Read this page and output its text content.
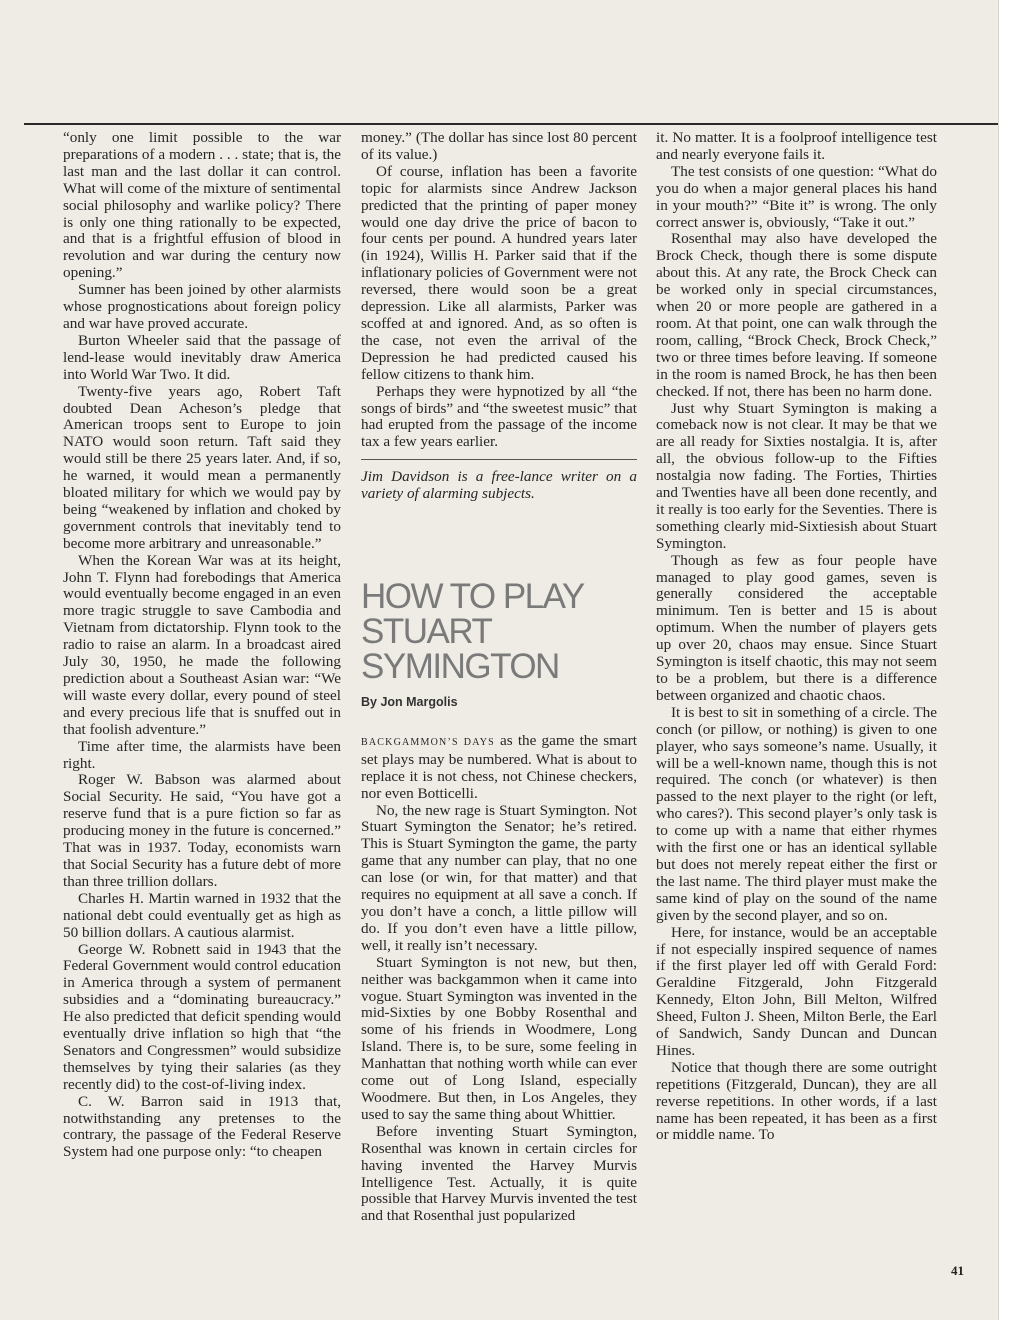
“only one limit possible to the war preparations of a modern . . . state; that is, the last man and the last dollar it can control. What will come of the mixture of sentimental social philosophy and warlike policy? There is only one thing rationally to be expected, and that is a frightful effusion of blood in revolution and war during the century now opening.”

Sumner has been joined by other alarmists whose prognostications about foreign policy and war have proved accurate.

Burton Wheeler said that the passage of lend-lease would inevitably draw America into World War Two. It did.

Twenty-five years ago, Robert Taft doubted Dean Acheson’s pledge that American troops sent to Europe to join NATO would soon return. Taft said they would still be there 25 years later. And, if so, he warned, it would mean a permanently bloated military for which we would pay by being “weakened by inflation and choked by government controls that inevitably tend to become more arbitrary and unreasonable.”

When the Korean War was at its height, John T. Flynn had forebodings that America would eventually become engaged in an even more tragic struggle to save Cambodia and Vietnam from dictatorship. Flynn took to the radio to raise an alarm. In a broadcast aired July 30, 1950, he made the following prediction about a Southeast Asian war: “We will waste every dollar, every pound of steel and every precious life that is snuffed out in that foolish adventure.”

Time after time, the alarmists have been right.

Roger W. Babson was alarmed about Social Security. He said, “You have got a reserve fund that is a pure fiction so far as producing money in the future is concerned.” That was in 1937. Today, economists warn that Social Security has a future debt of more than three trillion dollars.

Charles H. Martin warned in 1932 that the national debt could eventually get as high as 50 billion dollars. A cautious alarmist.

George W. Robnett said in 1943 that the Federal Government would control education in America through a system of permanent subsidies and a “dominating bureaucracy.” He also predicted that deficit spending would eventually drive inflation so high that “the Senators and Congressmen” would subsidize themselves by tying their salaries (as they recently did) to the cost-of-living index.

C. W. Barron said in 1913 that, notwithstanding any pretenses to the contrary, the passage of the Federal Reserve System had one purpose only: “to cheapen

money.” (The dollar has since lost 80 percent of its value.)

Of course, inflation has been a favorite topic for alarmists since Andrew Jackson predicted that the printing of paper money would one day drive the price of bacon to four cents per pound. A hundred years later (in 1924), Willis H. Parker said that if the inflationary policies of Government were not reversed, there would soon be a great depression. Like all alarmists, Parker was scoffed at and ignored. And, as so often is the case, not even the arrival of the Depression he had predicted caused his fellow citizens to thank him.

Perhaps they were hypnotized by all “the songs of birds” and “the sweetest music” that had erupted from the passage of the income tax a few years earlier.

Jim Davidson is a free-lance writer on a variety of alarming subjects.

HOW TO PLAY
STUART
SYMINGTON
By Jon Margolis

BACKGAMMON’S DAYS as the game the smart set plays may be numbered. What is about to replace it is not chess, not Chinese checkers, nor even Botticelli.

No, the new rage is Stuart Symington. Not Stuart Symington the Senator; he’s retired. This is Stuart Symington the game, the party game that any number can play, that no one can lose (or win, for that matter) and that requires no equipment at all save a conch. If you don’t have a conch, a little pillow will do. If you don’t even have a little pillow, well, it really isn’t necessary.

Stuart Symington is not new, but then, neither was backgammon when it came into vogue. Stuart Symington was invented in the mid-Sixties by one Bobby Rosenthal and some of his friends in Woodmere, Long Island. There is, to be sure, some feeling in Manhattan that nothing worth while can ever come out of Long Island, especially Woodmere. But then, in Los Angeles, they used to say the same thing about Whittier.

Before inventing Stuart Symington, Rosenthal was known in certain circles for having invented the Harvey Murvis Intelligence Test. Actually, it is quite possible that Harvey Murvis invented the test and that Rosenthal just popularized

it. No matter. It is a foolproof intelligence test and nearly everyone fails it.

The test consists of one question: “What do you do when a major general places his hand in your mouth?” “Bite it” is wrong. The only correct answer is, obviously, “Take it out.”

Rosenthal may also have developed the Brock Check, though there is some dispute about this. At any rate, the Brock Check can be worked only in special circumstances, when 20 or more people are gathered in a room. At that point, one can walk through the room, calling, “Brock Check, Brock Check,” two or three times before leaving. If someone in the room is named Brock, he has then been checked. If not, there has been no harm done.

Just why Stuart Symington is making a comeback now is not clear. It may be that we are all ready for Sixties nostalgia. It is, after all, the obvious follow-up to the Fifties nostalgia now fading. The Forties, Thirties and Twenties have all been done recently, and it really is too early for the Seventies. There is something clearly mid-Sixtiesish about Stuart Symington.

Though as few as four people have managed to play good games, seven is generally considered the acceptable minimum. Ten is better and 15 is about optimum. When the number of players gets up over 20, chaos may ensue. Since Stuart Symington is itself chaotic, this may not seem to be a problem, but there is a difference between organized and chaotic chaos.

It is best to sit in something of a circle. The conch (or pillow, or nothing) is given to one player, who says someone’s name. Usually, it will be a well-known name, though this is not required. The conch (or whatever) is then passed to the next player to the right (or left, who cares?). This second player’s only task is to come up with a name that either rhymes with the first one or has an identical syllable but does not merely repeat either the first or the last name. The third player must make the same kind of play on the sound of the name given by the second player, and so on.

Here, for instance, would be an acceptable if not especially inspired sequence of names if the first player led off with Gerald Ford: Geraldine Fitzgerald, John Fitzgerald Kennedy, Elton John, Bill Melton, Wilfred Sheed, Fulton J. Sheen, Milton Berle, the Earl of Sandwich, Sandy Duncan and Duncan Hines.

Notice that though there are some outright repetitions (Fitzgerald, Duncan), they are all reverse repetitions. In other words, if a last name has been repeated, it has been as a first or middle name. To

41
